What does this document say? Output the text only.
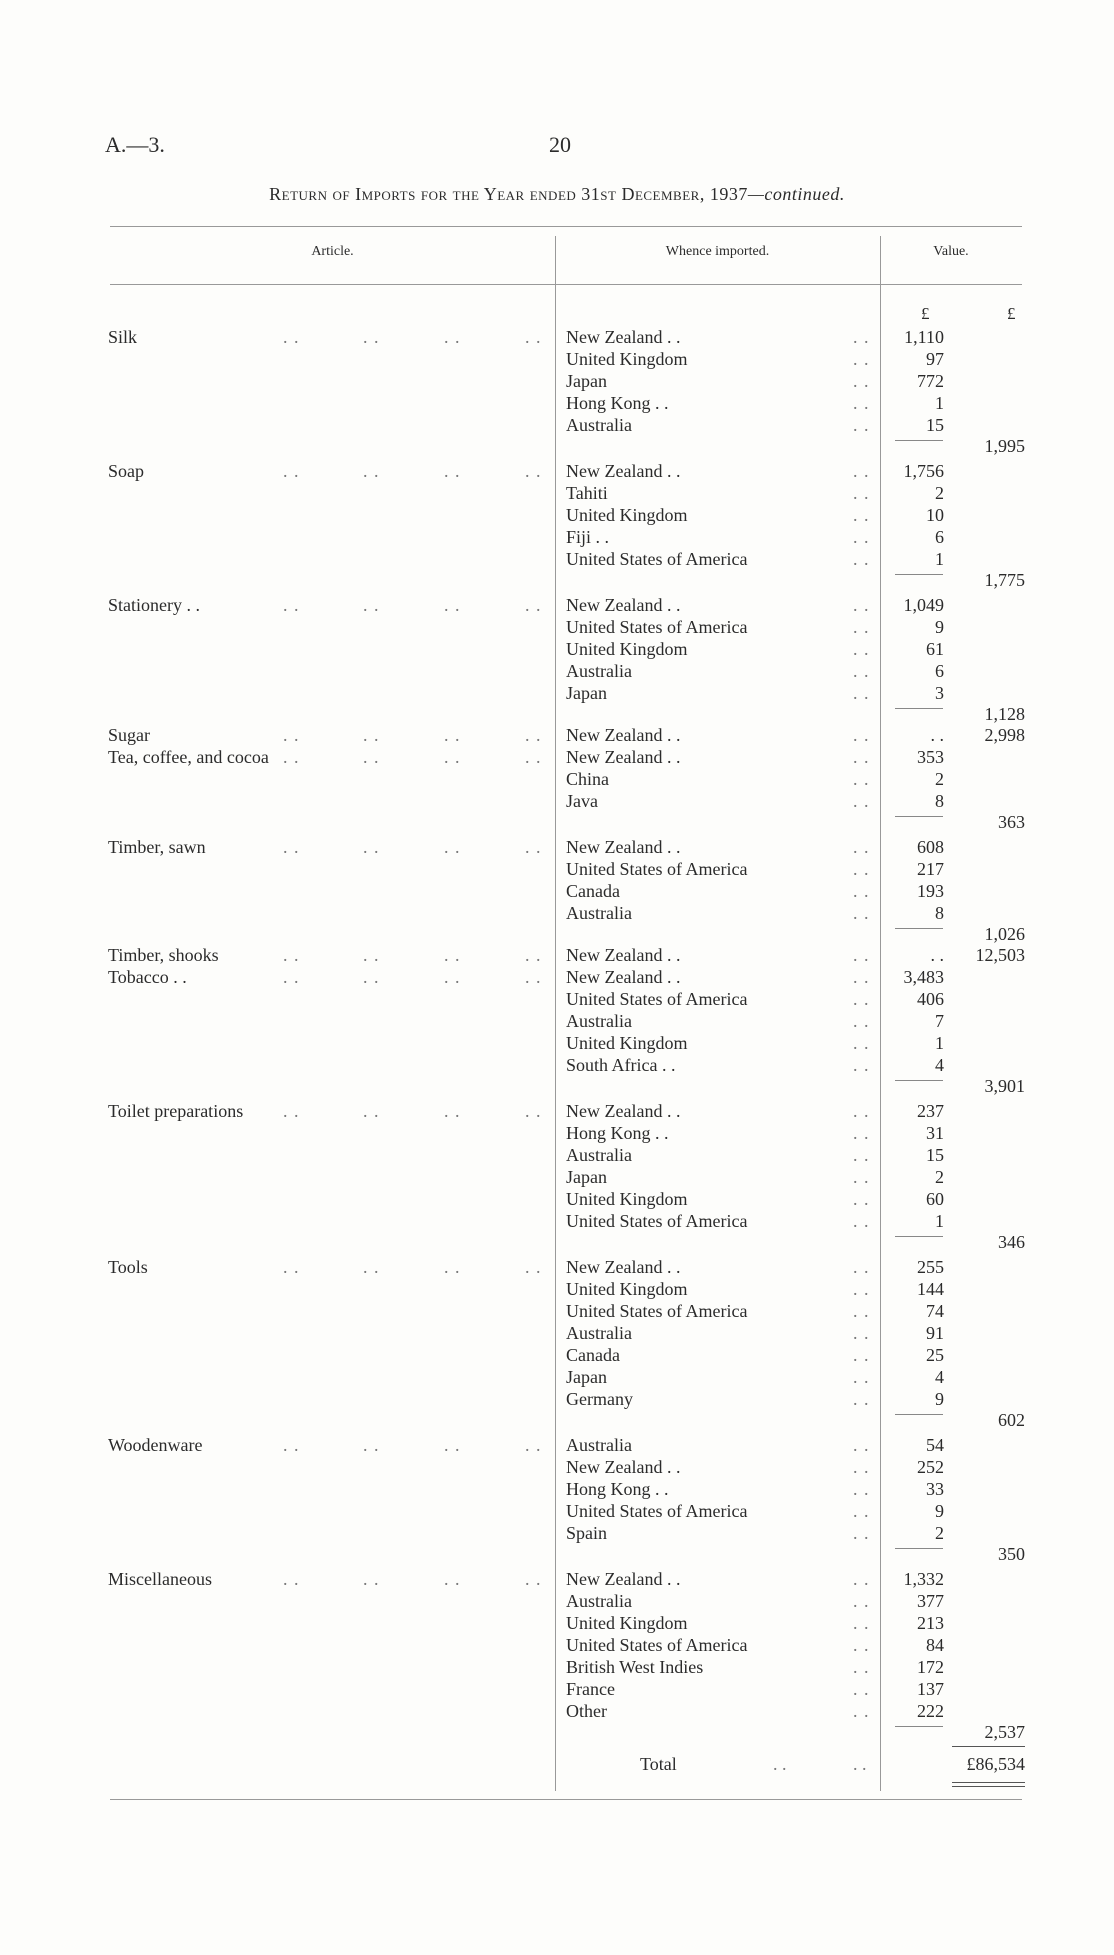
A.—3.	20
Return of Imports for the Year ended 31st December, 1937—continued.
Article.	Whence imported.	Value.
£	£
Silk	. .	. .	. .	. . New Zealand . .	. .	1,110
United Kingdom	. .	97
Japan	. .	772
Hong Kong . .	. .	1
Australia	. .	15
1,995
Soap	. .	. .	. .	. . New Zealand . .	. .	1,756
Tahiti	. .	2
United Kingdom	. .	10
Fiji . .	. .	6
United States of America	. .	1
1,775
Stationery . .	. .	. .	. .	. . New Zealand . .	. .	1,049
United States of America	. .	9
United Kingdom	. .	61
Australia	. .	6
Japan	. .	3
1,128
Sugar	. .	. .	. .	. . New Zealand . .	. .	. .	2,998
Tea, coffee, and cocoa . .	. .	. .	. . New Zealand . .	. .	353
China	. .	2
Java	. .	8
363
Timber, sawn	. .	. .	. .	. . New Zealand . .	. .	608
United States of America	. .	217
Canada	. .	193
Australia	. .	8
1,026
Timber, shooks	. .	. .	. .	. . New Zealand . .	. .	. .	12,503
Tobacco . .	. .	. .	. .	. . New Zealand . .	. .	3,483
United States of America	. .	406
Australia	. .	7
United Kingdom	. .	1
South Africa . .	. .	4
3,901
Toilet preparations . .	. .	. .	. . New Zealand . .	. .	237
Hong Kong . .	. .	31
Australia	. .	15
Japan	. .	2
United Kingdom	. .	60
United States of America	. .	1
346
Tools	. .	. .	. .	. . New Zealand . .	. .	255
United Kingdom	. .	144
United States of America	. .	74
Australia	. .	91
Canada	. .	25
Japan	. .	4
Germany	. .	9
602
Woodenware	. .	. .	. .	. . Australia	. .	54
New Zealand . .	. .	252
Hong Kong . .	. .	33
United States of America	. .	9
Spain	. .	2
350
Miscellaneous	. .	. .	. .	. . New Zealand . .	. .	1,332
Australia	. .	377
United Kingdom	. .	213
United States of America	. .	84
British West Indies	. .	172
France	. .	137
Other	. .	222
2,537
Total	. .	. .	£86,534
